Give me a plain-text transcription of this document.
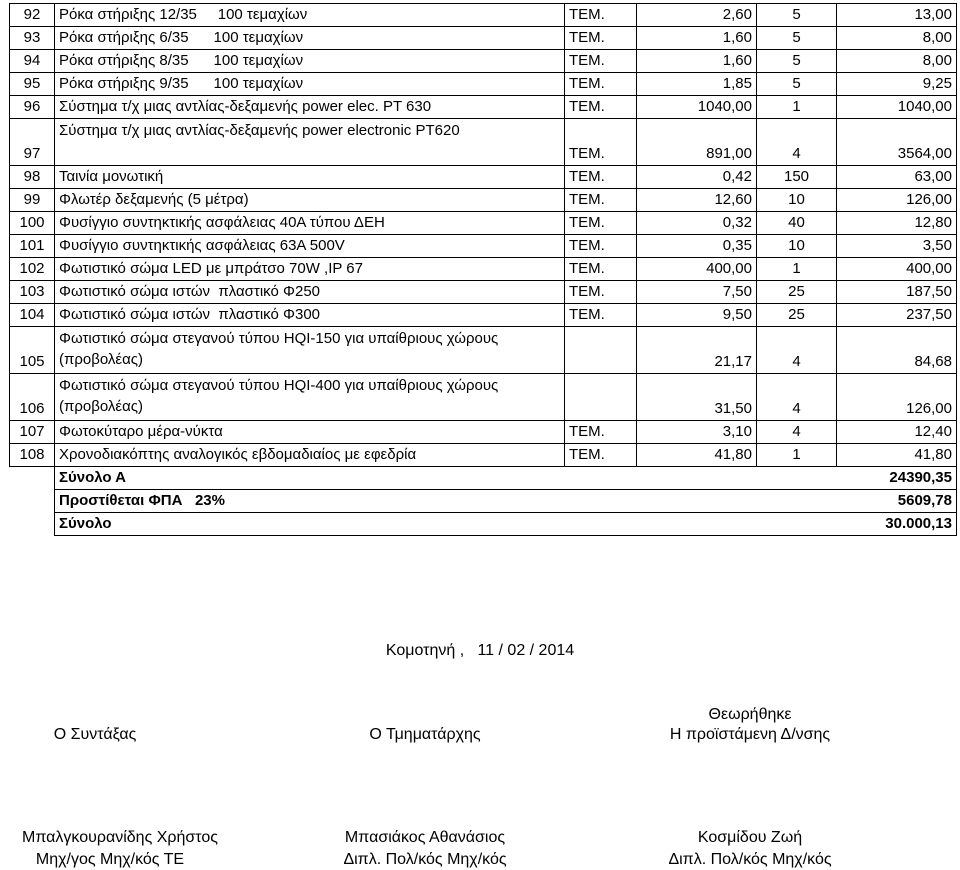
92	Ρόκα στήριξης 12/35     100 τεμαχίων	ΤΕΜ.	2,60	5	13,00
93	Ρόκα στήριξης 6/35      100 τεμαχίων	ΤΕΜ.	1,60	5	8,00
94	Ρόκα στήριξης 8/35      100 τεμαχίων	ΤΕΜ.	1,60	5	8,00
95	Ρόκα στήριξης 9/35      100 τεμαχίων	ΤΕΜ.	1,85	5	9,25
96	Σύστημα τ/χ μιας αντλίας-δεξαμενής power elec. PT 630	ΤΕΜ.	1040,00	1	1040,00
97	Σύστημα τ/χ μιας αντλίας-δεξαμενής power electronic PT620	ΤΕΜ.	891,00	4	3564,00
98	Ταινία μονωτική	ΤΕΜ.	0,42	150	63,00
99	Φλωτέρ δεξαμενής (5 μέτρα)	ΤΕΜ.	12,60	10	126,00
100	Φυσίγγιο συντηκτικής ασφάλειας 40Α τύπου ΔΕΗ	ΤΕΜ.	0,32	40	12,80
101	Φυσίγγιο συντηκτικής ασφάλειας 63Α 500V	ΤΕΜ.	0,35	10	3,50
102	Φωτιστικό σώμα LED με μπράτσο 70W ,IP 67	ΤΕΜ.	400,00	1	400,00
103	Φωτιστικό σώμα ιστών  πλαστικό Φ250	ΤΕΜ.	7,50	25	187,50
104	Φωτιστικό σώμα ιστών  πλαστικό Φ300	ΤΕΜ.	9,50	25	237,50
105	Φωτιστικό σώμα στεγανού τύπου HQI-150 για υπαίθριους χώρους (προβολέας)		21,17	4	84,68
106	Φωτιστικό σώμα στεγανού τύπου HQI-400 για υπαίθριους χώρους (προβολέας)		31,50	4	126,00
107	Φωτοκύταρο μέρα-νύκτα	ΤΕΜ.	3,10	4	12,40
108	Χρονοδιακόπτης αναλογικός εβδομαδιαίος με εφεδρία	ΤΕΜ.	41,80	1	41,80
	Σύνολο Α	24390,35			
	Προστίθεται ΦΠΑ   23%	5609,78			
	Σύνολο	30.000,13			
Κομοτηνή ,   11 / 02 / 2014
Θεωρήθηκε
Ο Συντάξας	Ο Τμηματάρχης	Η προϊστάμενη Δ/νσης
Μπαλγκουρανίδης Χρήστος	Μπασιάκος Αθανάσιος	Κοσμίδου Ζωή
Μηχ/γος Μηχ/κός ΤΕ	Διπλ. Πολ/κός Μηχ/κός	Διπλ. Πολ/κός Μηχ/κός
